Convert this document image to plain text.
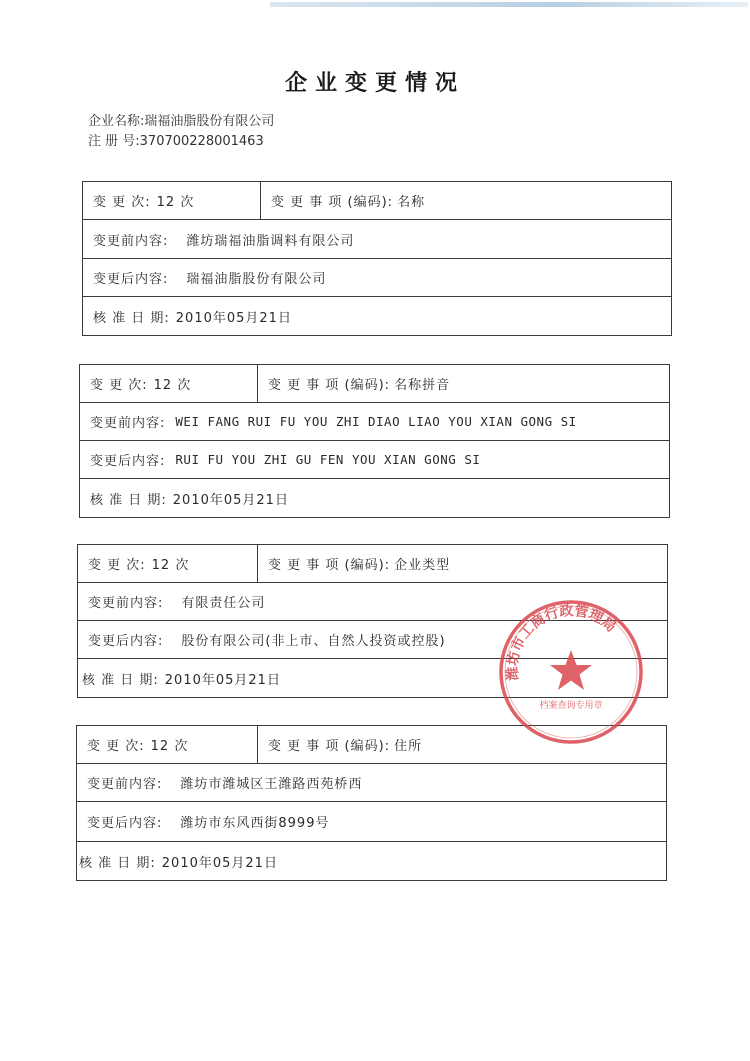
企业变更情况
企业名称:瑞福油脂股份有限公司
注 册 号:370700228001463
变 更 次: 12 次	变 更 事 项 (编码): 名称
变更前内容: 潍坊瑞福油脂调料有限公司
变更后内容: 瑞福油脂股份有限公司
核 准 日 期: 2010年05月21日
变 更 次: 12 次	变 更 事 项 (编码): 名称拼音
变更前内容: WEI FANG RUI FU YOU ZHI DIAO LIAO YOU XIAN GONG SI
变更后内容: RUI FU YOU ZHI GU FEN YOU XIAN GONG SI
核 准 日 期: 2010年05月21日
变 更 次: 12 次	变 更 事 项 (编码): 企业类型
变更前内容: 有限责任公司
变更后内容: 股份有限公司(非上市、自然人投资或控股)
核 准 日 期: 2010年05月21日
变 更 次: 12 次	变 更 事 项 (编码): 住所
变更前内容: 潍坊市潍城区王潍路西苑桥西
变更后内容: 潍坊市东风西街8999号
核 准 日 期: 2010年05月21日
潍坊市工商行政管理局
档案查询专用章
